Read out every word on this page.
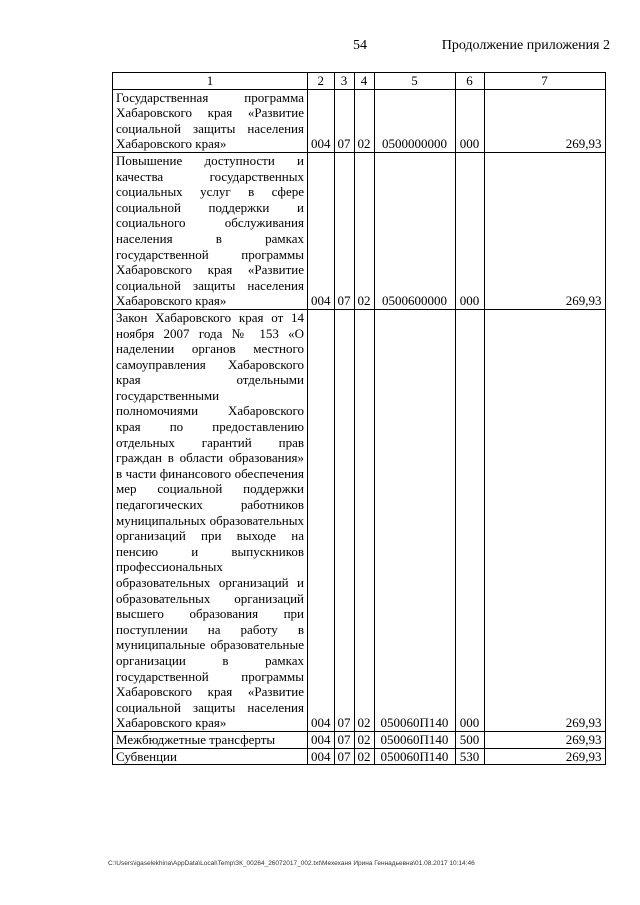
54	Продолжение приложения 2
1	2	3	4	5	6	7
Государственная программа Хабаровского края «Развитие социальной защиты населения Хабаровского края»	004	07	02	0500000000	000	269,93
Повышение доступности и качества государственных социальных услуг в сфере социальной поддержки и социального обслуживания населения в рамках государственной программы Хабаровского края «Развитие социальной защиты населения Хабаровского края»	004	07	02	0500600000	000	269,93
Закон Хабаровского края от 14 ноября 2007 года № 153 «О наделении органов местного самоуправления Хабаровского края отдельными государственными полномочиями Хабаровского края по предоставлению отдельных гарантий прав граждан в области образования» в части финансового обеспечения мер социальной поддержки педагогических работников муниципальных образовательных организаций при выходе на пенсию и выпускников профессиональных образовательных организаций и образовательных организаций высшего образования при поступлении на работу в муниципальные образовательные организации в рамках государственной программы Хабаровского края «Развитие социальной защиты населения Хабаровского края»	004	07	02	050060П140	000	269,93
Межбюджетные трансферты	004	07	02	050060П140	500	269,93
Субвенции	004	07	02	050060П140	530	269,93
C:\Users\igaselekhina\AppData\Local\Temp\ЗК_00264_26072017_002.txt\Мехеханя Ирина Геннадьевна\01.08.2017 10:14:46
